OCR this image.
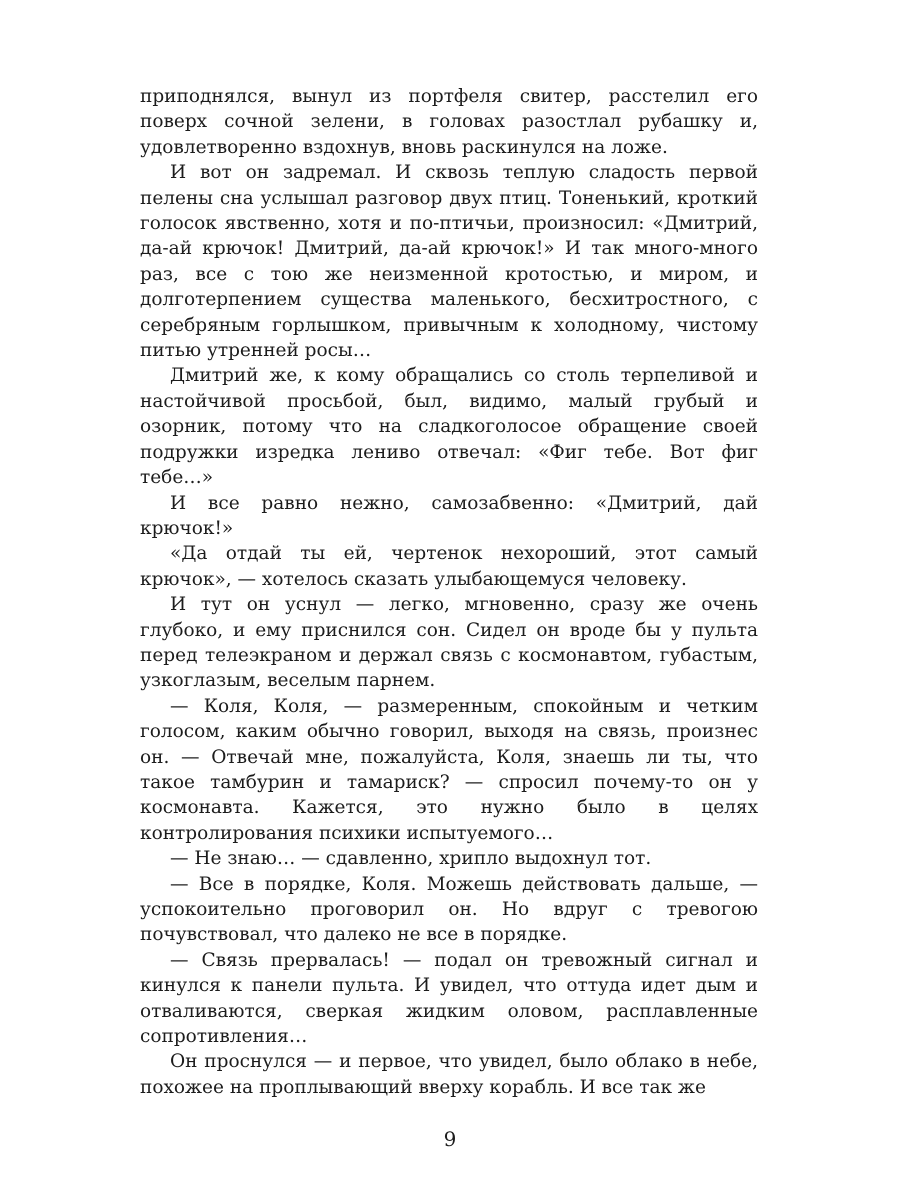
приподнялся, вынул из портфеля свитер, расстелил его поверх сочной зелени, в головах разостлал рубашку и, удовлетворенно вздохнув, вновь раскинулся на ложе.

И вот он задремал. И сквозь теплую сладость первой пелены сна услышал разговор двух птиц. Тоненький, кроткий голосок явственно, хотя и по-птичьи, произносил: «Дмитрий, да-ай крючок! Дмитрий, да-ай крючок!» И так много-много раз, все с тою же неизменной кротостью, и миром, и долготерпением существа маленького, бесхитростного, с серебряным горлышком, привычным к холодному, чистому питью утренней росы…

Дмитрий же, к кому обращались со столь терпеливой и настойчивой просьбой, был, видимо, малый грубый и озорник, потому что на сладкоголосое обращение своей подружки изредка лениво отвечал: «Фиг тебе. Вот фиг тебе…»

И все равно нежно, самозабвенно: «Дмитрий, дай крючок!»

«Да отдай ты ей, чертенок нехороший, этот самый крючок», — хотелось сказать улыбающемуся человеку.

И тут он уснул — легко, мгновенно, сразу же очень глубоко, и ему приснился сон. Сидел он вроде бы у пульта перед телеэкраном и держал связь с космонавтом, губастым, узкоглазым, веселым парнем.

— Коля, Коля, — размеренным, спокойным и четким голосом, каким обычно говорил, выходя на связь, произнес он. — Отвечай мне, пожалуйста, Коля, знаешь ли ты, что такое тамбурин и тамариск? — спросил почему-то он у космонавта. Кажется, это нужно было в целях контролирования психики испытуемого…

— Не знаю… — сдавленно, хрипло выдохнул тот.

— Все в порядке, Коля. Можешь действовать дальше, — успокоительно проговорил он. Но вдруг с тревогою почувствовал, что далеко не все в порядке.

— Связь прервалась! — подал он тревожный сигнал и кинулся к панели пульта. И увидел, что оттуда идет дым и отваливаются, сверкая жидким оловом, расплавленные сопротивления…

Он проснулся — и первое, что увидел, было облако в небе, похожее на проплывающий вверху корабль. И все так же

9
